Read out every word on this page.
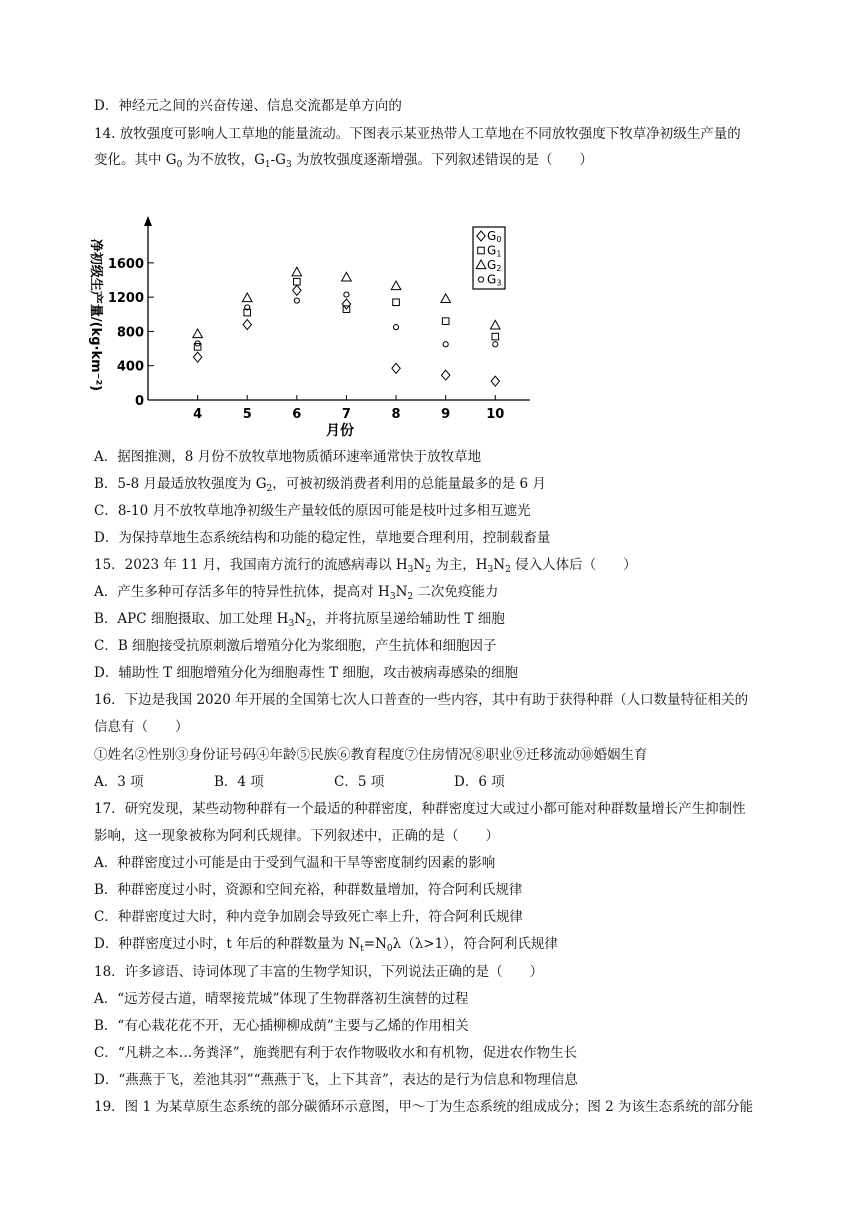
D．神经元之间的兴奋传递、信息交流都是单方向的
14. 放牧强度可影响人工草地的能量流动。下图表示某亚热带人工草地在不同放牧强度下牧草净初级生产量的
变化。其中 $G_0$ 为不放牧，$G_1-G_3$ 为放牧强度逐渐增强。下列叙述错误的是（　　）
A．据图推测，8 月份不放牧草地物质循环速率通常快于放牧草地
B．5-8 月最适放牧强度为 $G_2$，可被初级消费者利用的总能量最多的是 6 月
C．8-10 月不放牧草地净初级生产量较低的原因可能是枝叶过多相互遮光
D．为保持草地生态系统结构和功能的稳定性，草地要合理利用，控制载畜量
15．2023 年 11 月，我国南方流行的流感病毒以 $H_3N_2$ 为主，$H_3N_2$ 侵入人体后（　　）
A．产生多种可存活多年的特异性抗体，提高对 $H_3N_2$ 二次免疫能力
B．APC 细胞摄取、加工处理 $H_3N_2$，并将抗原呈递给辅助性 T 细胞
C．B 细胞接受抗原刺激后增殖分化为浆细胞，产生抗体和细胞因子
D．辅助性 T 细胞增殖分化为细胞毒性 T 细胞，攻击被病毒感染的细胞
16．下边是我国 2020 年开展的全国第七次人口普查的一些内容，其中有助于获得种群（人口数量特征相关的
信息有（　　）
①姓名②性别③身份证号码④年龄⑤民族⑥教育程度⑦住房情况⑧职业⑨迁移流动⑩婚姻生育
A．3 项	B．4 项	C．5 项	D．6 项
17．研究发现，某些动物种群有一个最适的种群密度，种群密度过大或过小都可能对种群数量增长产生抑制性
影响，这一现象被称为阿利氏规律。下列叙述中，正确的是（　　）
A．种群密度过小可能是由于受到气温和干旱等密度制约因素的影响
B．种群密度过小时，资源和空间充裕，种群数量增加，符合阿利氏规律
C．种群密度过大时，种内竞争加剧会导致死亡率上升，符合阿利氏规律
D．种群密度过小时，t 年后的种群数量为 $N_t=N_0\lambda(\lambda>1)$，符合阿利氏规律
18．许多谚语、诗词体现了丰富的生物学知识，下列说法正确的是（　　）
A．“远芳侵古道，晴翠接荒城”体现了生物群落初生演替的过程
B．“有心栽花花不开，无心插柳柳成荫”主要与乙烯的作用相关
C．“凡耕之本…务粪泽”，施粪肥有利于农作物吸收水和有机物，促进农作物生长
D．“燕燕于飞，差池其羽”“燕燕于飞，上下其音”，表达的是行为信息和物理信息
19．图 1 为某草原生态系统的部分碳循环示意图，甲～丁为生态系统的组成成分；图 2 为该生态系统的部分能
0
400
800
1200
1600
4	5	6	7	8	9	10
G0
G1
G2
G3
月份
净初级生产量/(kg·km⁻²)
